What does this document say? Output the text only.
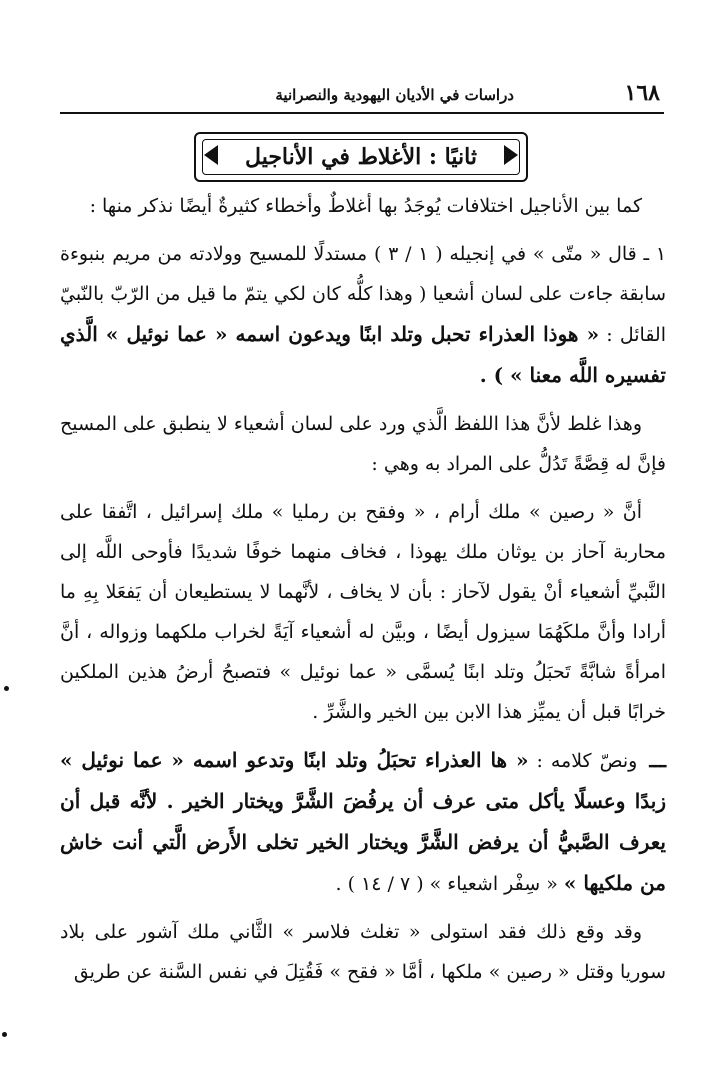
١٦٨
دراسات في الأديان اليهودية والنصرانية
ثانيًا : الأغلاط في الأناجيل

كما بين الأناجيل اختلافات يُوجَدُ بها أغلاطٌ وأخطاء كثيرةٌ أيضًا نذكر منها :

١ ـ قال « متّى » في إنجيله ( ١ / ٣ ) مستدلًا للمسيح وولادته من مريم بنبوءة سابقة جاءت على لسان أشعيا ( وهذا كلُّه كان لكي يتمّ ما قيل من الرّبّ بالنّبيّ القائل : « هوذا العذراء تحبل وتلد ابنًا ويدعون اسمه « عما نوئيل » الَّذي تفسيره اللَّه معنا » ) .

وهذا غلط لأنَّ هذا اللفظ الَّذي ورد على لسان أشعياء لا ينطبق على المسيح فإنَّ له قِصَّةً تَدُلُّ على المراد به وهي :

أنَّ « رصين » ملك أرام ، « وفقح بن رمليا » ملك إسرائيل ، اتَّفقا على محاربة آحاز بن يوثان ملك يهوذا ، فخاف منهما خوفًا شديدًا فأوحى اللَّه إلى النَّبيِّ أشعياء أنْ يقول لآحاز : بأن لا يخاف ، لأنَّهما لا يستطيعان أن يَفعَلا بِهِ ما أرادا وأنَّ ملكَهُمَا سيزول أيضًا ، وبيَّن له أشعياء آيَةً لخراب ملكهما وزواله ، أنَّ امرأةً شابَّةً تَحبَلُ وتلد ابنًا يُسمَّى « عما نوئيل » فتصبحُ أرضُ هذين الملكين خرابًا قبل أن يميِّز هذا الابن بين الخير والشَّرِّ .

ـــ ونصّ كلامه : « ها العذراء تحبَلُ وتلد ابنًا وتدعو اسمه « عما نوئيل » زبدًا وعسلًا يأكل متى عرف أن يرفُضَ الشَّرَّ ويختار الخير . لأنَّه قبل أن يعرف الصَّبيُّ أن يرفض الشَّرَّ ويختار الخير تخلى الأَرض الَّتي أنت خاش من ملكيها » « سِفْر اشعياء » ( ٧ / ١٤ ) .

وقد وقع ذلك فقد استولى « تغلث فلاسر » الثَّاني ملك آشور على بلاد سوريا وقتل « رصين » ملكها ، أمَّا « فقح » فَقُتِلَ في نفس السَّنة عن طريق
